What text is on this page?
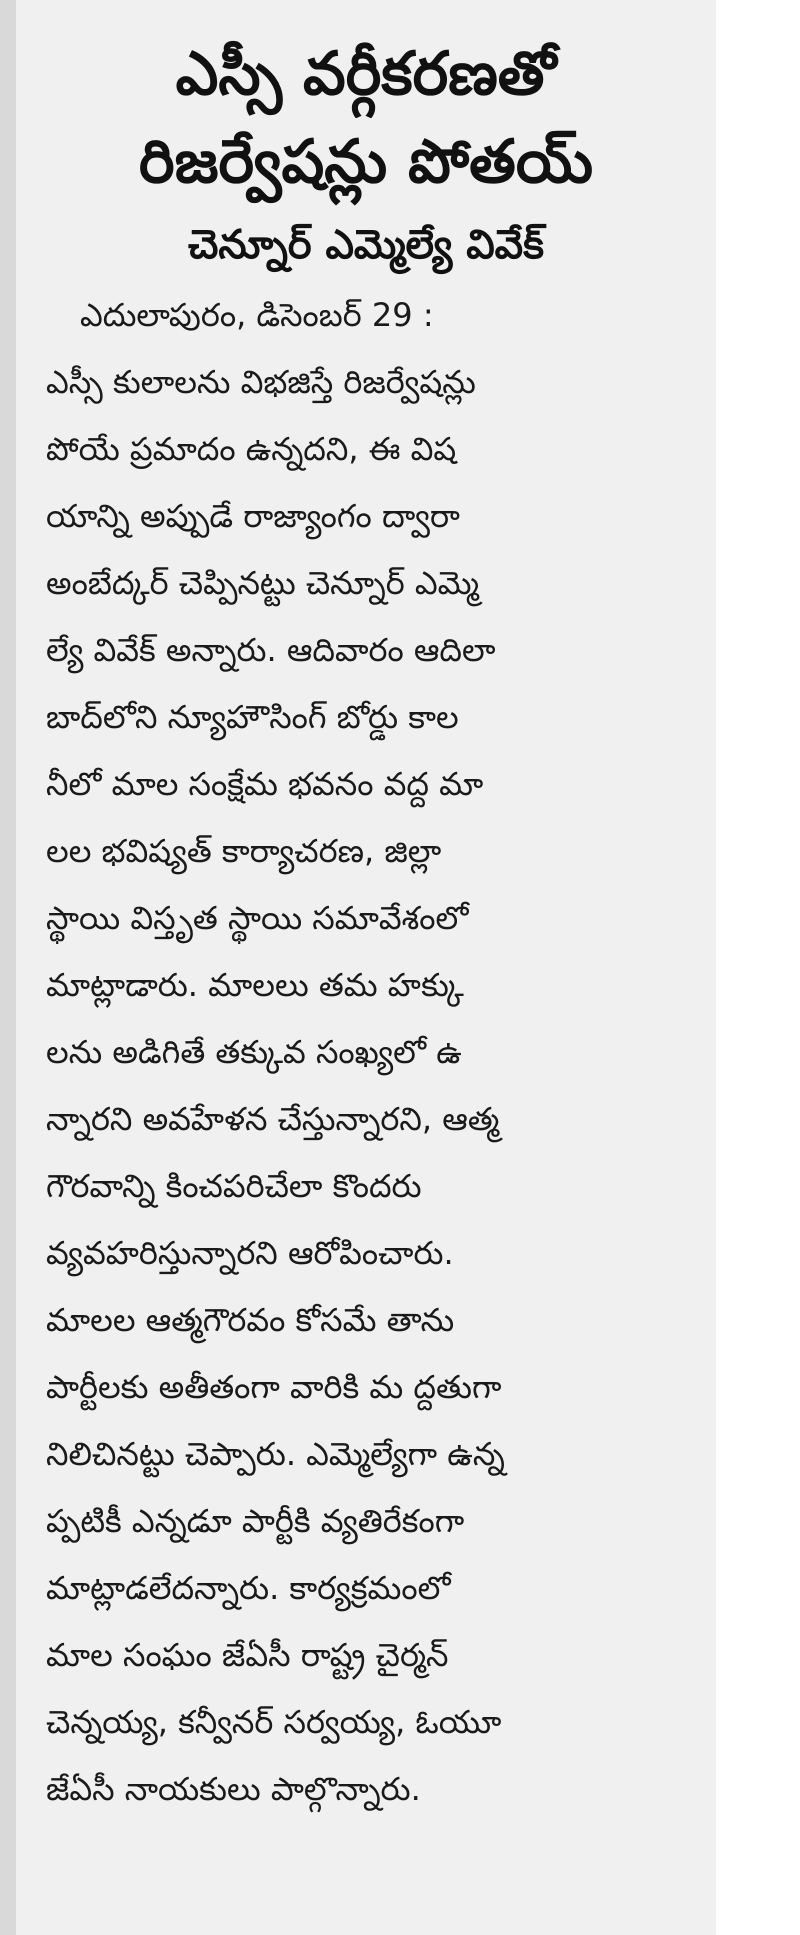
ఎస్సీ వర్గీకరణతో
రిజర్వేషన్లు పోతయ్
చెన్నూర్ ఎమ్మెల్యే వివేక్
ఎదులాపురం, డిసెంబర్ 29 :
ఎస్సీ కులాలను విభజిస్తే రిజర్వేషన్లు
పోయే ప్రమాదం ఉన్నదని, ఈ విష
యాన్ని అప్పుడే రాజ్యాంగం ద్వారా
అంబేద్కర్ చెప్పినట్టు చెన్నూర్ ఎమ్మె
ల్యే వివేక్ అన్నారు. ఆదివారం ఆదిలా
బాద్‌లోని న్యూహౌసింగ్ బోర్డు కాల
నీలో మాల సంక్షేమ భవనం వద్ద మా
లల భవిష్యత్ కార్యాచరణ, జిల్లా
స్థాయి విస్తృత స్థాయి సమావేశంలో
మాట్లాడారు. మాలలు తమ హక్కు
లను అడిగితే తక్కువ సంఖ్యలో ఉ
న్నారని అవహేళన చేస్తున్నారని, ఆత్మ
గౌరవాన్ని కించపరిచేలా కొందరు
వ్యవహరిస్తున్నారని ఆరోపించారు.
మాలల ఆత్మగౌరవం కోసమే తాను
పార్టీలకు అతీతంగా వారికి మ ద్దతుగా
నిలిచినట్టు చెప్పారు. ఎమ్మెల్యేగా ఉన్న
ప్పటికీ ఎన్నడూ పార్టీకి వ్యతిరేకంగా
మాట్లాడలేదన్నారు. కార్యక్రమంలో
మాల సంఘం జేఏసీ రాష్ట్ర చైర్మన్
చెన్నయ్య, కన్వీనర్ సర్వయ్య, ఓయూ
జేఏసీ నాయకులు పాల్గొన్నారు.
